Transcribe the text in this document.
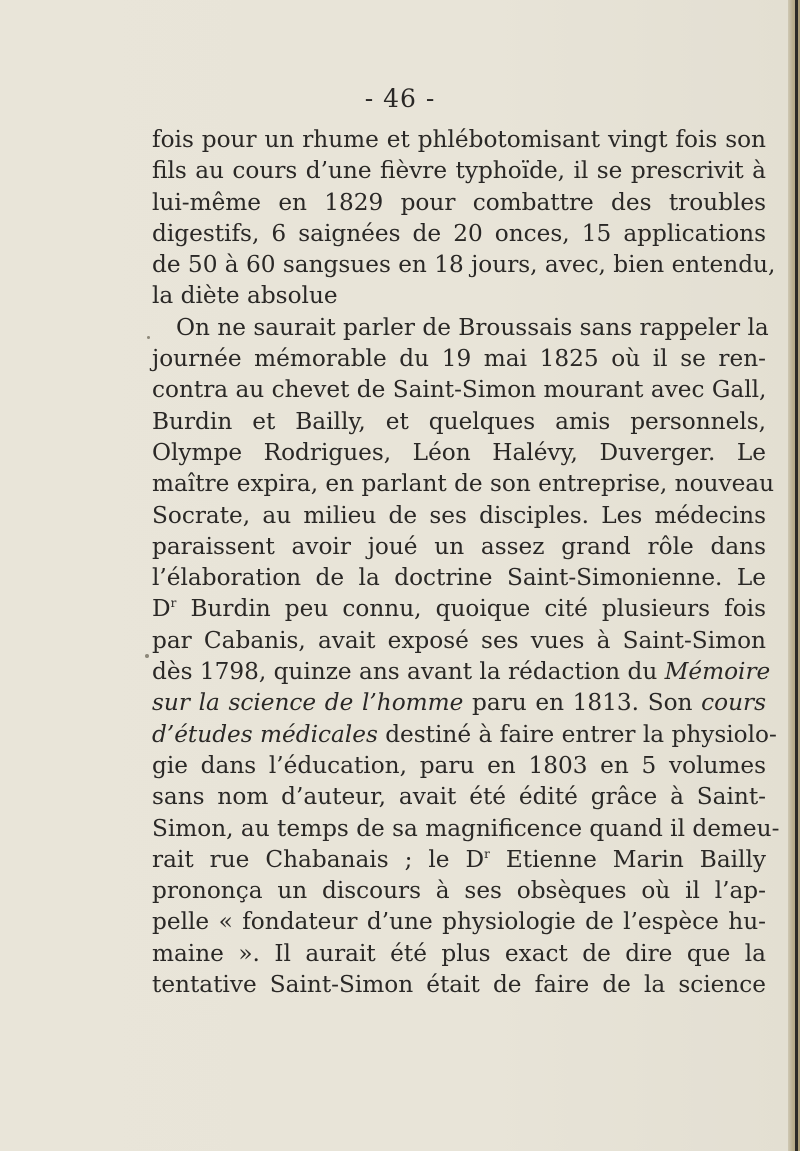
- 46 -
fois pour un rhume et phlébotomisant vingt fois son
fils au cours d’une fièvre typhoïde, il se prescrivit à
lui-même en 1829 pour combattre des troubles
digestifs, 6 saignées de 20 onces, 15 applications
de 50 à 60 sangsues en 18 jours, avec, bien entendu,
la diète absolue
On ne saurait parler de Broussais sans rappeler la
journée mémorable du 19 mai 1825 où il se ren-
contra au chevet de Saint-Simon mourant avec Gall,
Burdin et Bailly, et quelques amis personnels,
Olympe Rodrigues, Léon Halévy, Duverger. Le
maître expira, en parlant de son entreprise, nouveau
Socrate, au milieu de ses disciples. Les médecins
paraissent avoir joué un assez grand rôle dans
l’élaboration de la doctrine Saint-Simonienne. Le
$D^r$ Burdin peu connu, quoique cité plusieurs fois
par Cabanis, avait exposé ses vues à Saint-Simon
dès 1798, quinze ans avant la rédaction du Mémoire
sur la science de l’homme paru en 1813. Son cours
d’études médicales destiné à faire entrer la physiolo-
gie dans l’éducation, paru en 1803 en 5 volumes
sans nom d’auteur, avait été édité grâce à Saint-
Simon, au temps de sa magnificence quand il demeu-
rait rue Chabanais ; le $D^r$ Etienne Marin Bailly
prononça un discours à ses obsèques où il l’ap-
pelle « fondateur d’une physiologie de l’espèce hu-
maine ». Il aurait été plus exact de dire que la
tentative Saint-Simon était de faire de la science
